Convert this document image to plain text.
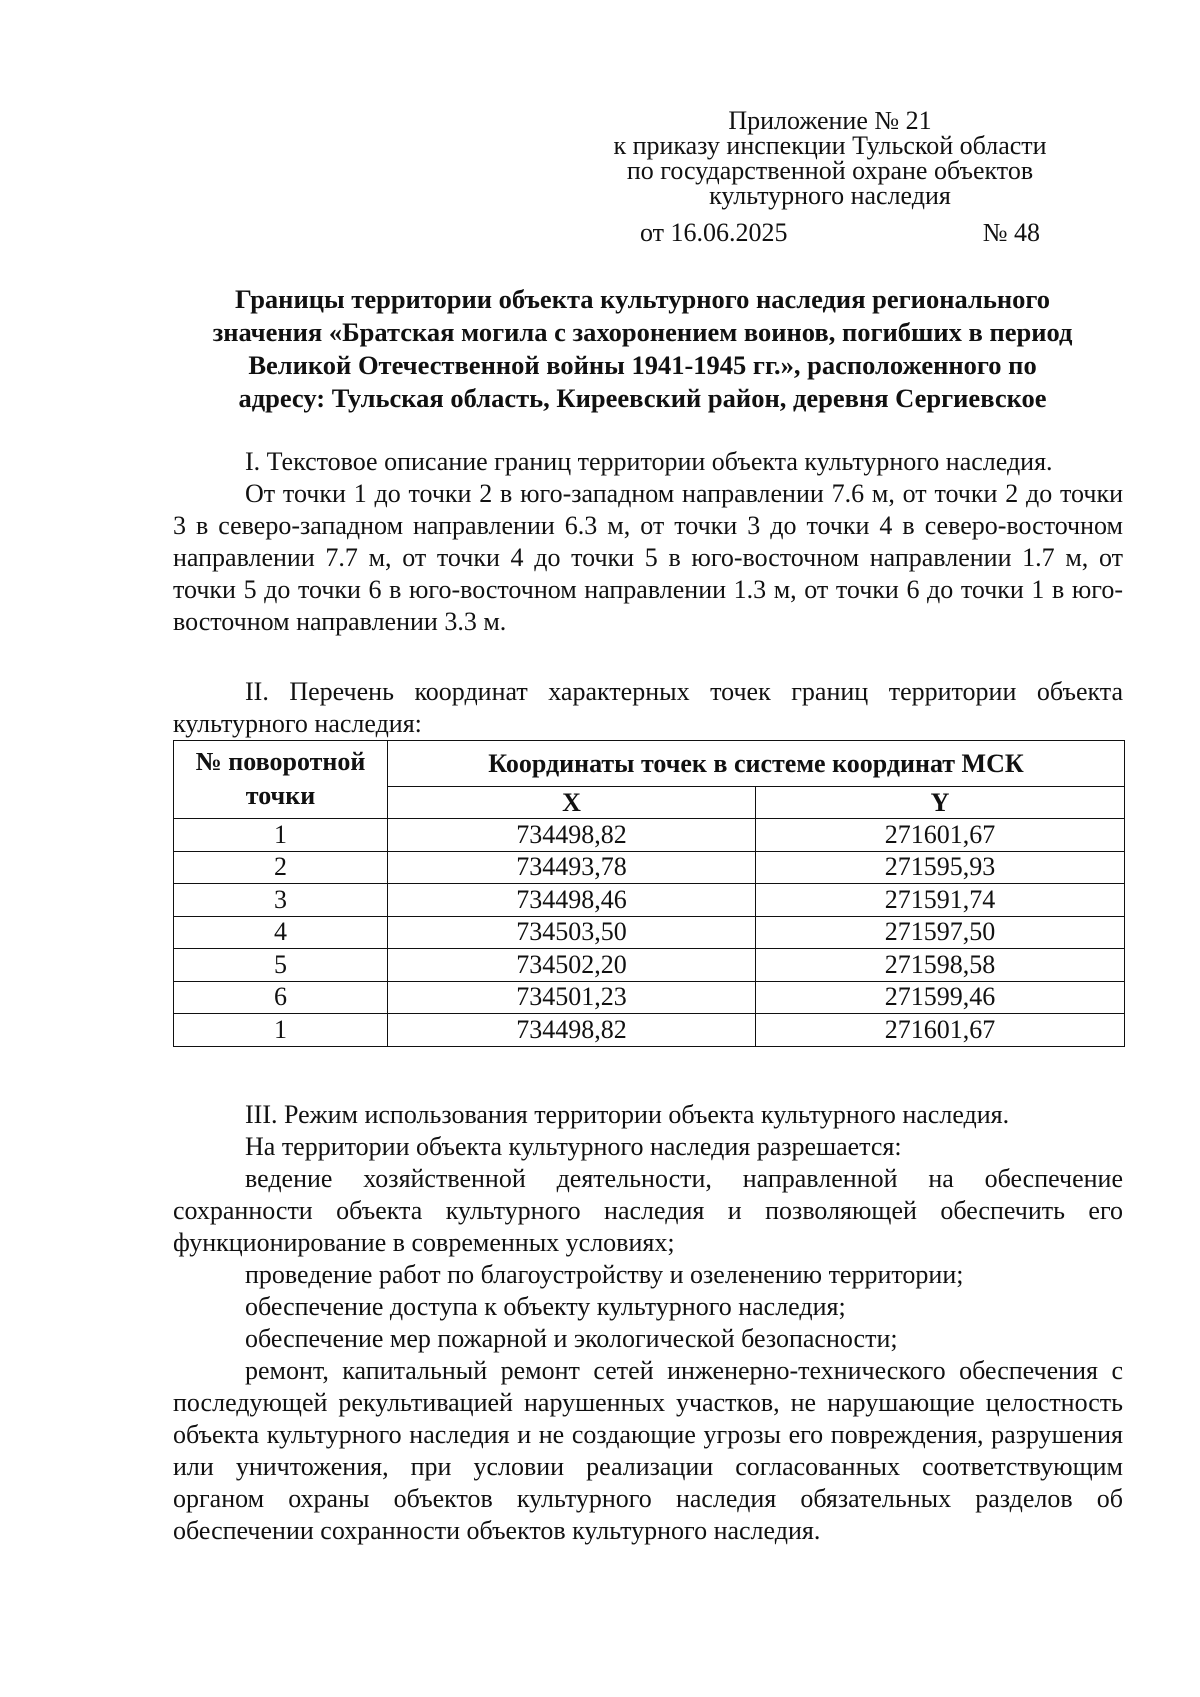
Приложение № 21
к приказу инспекции Тульской области
по государственной охране объектов
культурного наследия
от 16.06.2025	№ 48
Границы территории объекта культурного наследия регионального
значения «Братская могила с захоронением воинов, погибших в период
Великой Отечественной войны 1941-1945 гг.», расположенного по
адресу: Тульская область, Киреевский район, деревня Сергиевское

I. Текстовое описание границ территории объекта культурного наследия.

От точки 1 до точки 2 в юго-западном направлении 7.6 м, от точки 2 до точки 3 в северо-западном направлении 6.3 м, от точки 3 до точки 4 в северо-восточном направлении 7.7 м, от точки 4 до точки 5 в юго-восточном направлении 1.7 м, от точки 5 до точки 6 в юго-восточном направлении 1.3 м, от точки 6 до точки 1 в юго-восточном направлении 3.3 м.

II. Перечень координат характерных точек границ территории объекта культурного наследия:

№ поворотной точки	Координаты точек в системе координат МСК	
	X	Y
1	734498,82	271601,67
2	734493,78	271595,93
3	734498,46	271591,74
4	734503,50	271597,50
5	734502,20	271598,58
6	734501,23	271599,46
1	734498,82	271601,67

III. Режим использования территории объекта культурного наследия.

На территории объекта культурного наследия разрешается:

ведение хозяйственной деятельности, направленной на обеспечение сохранности объекта культурного наследия и позволяющей обеспечить его функционирование в современных условиях;

проведение работ по благоустройству и озеленению территории;

обеспечение доступа к объекту культурного наследия;

обеспечение мер пожарной и экологической безопасности;

ремонт, капитальный ремонт сетей инженерно-технического обеспечения с последующей рекультивацией нарушенных участков, не нарушающие целостность объекта культурного наследия и не создающие угрозы его повреждения, разрушения или уничтожения, при условии реализации согласованных соответствующим органом охраны объектов культурного наследия обязательных разделов об обеспечении сохранности объектов культурного наследия.
